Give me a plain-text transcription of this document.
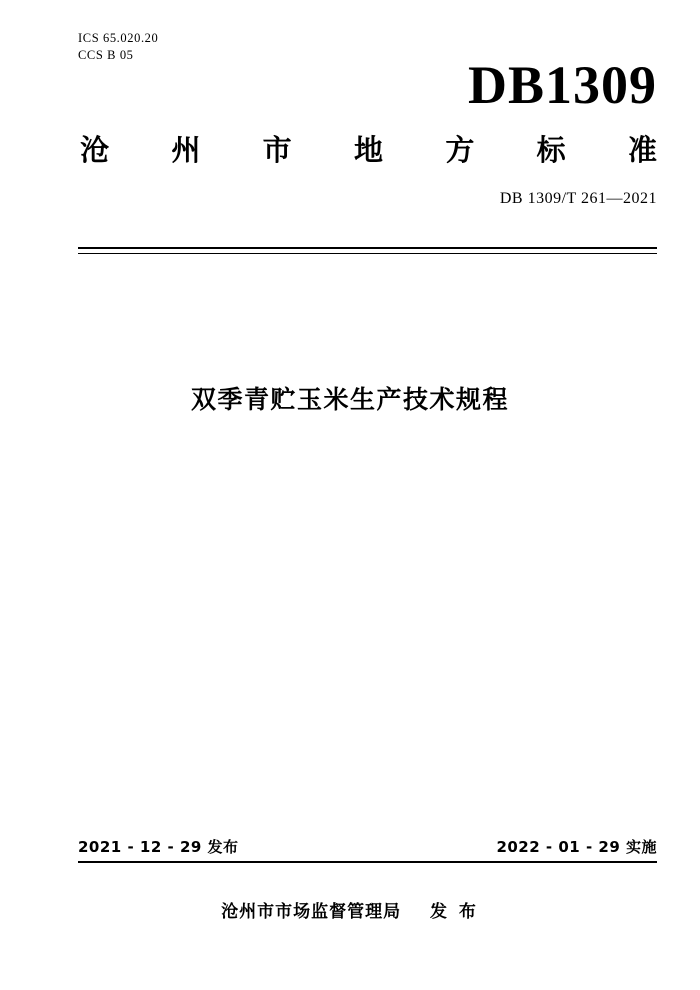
ICS 65.020.20
CCS B 05	DB1309
沧 州 市 地 方 标 准
DB 1309/T 261—2021
双季青贮玉米生产技术规程
2021 - 12 - 29 发布	2022 - 01 - 29 实施
沧州市市场监督管理局 发 布
